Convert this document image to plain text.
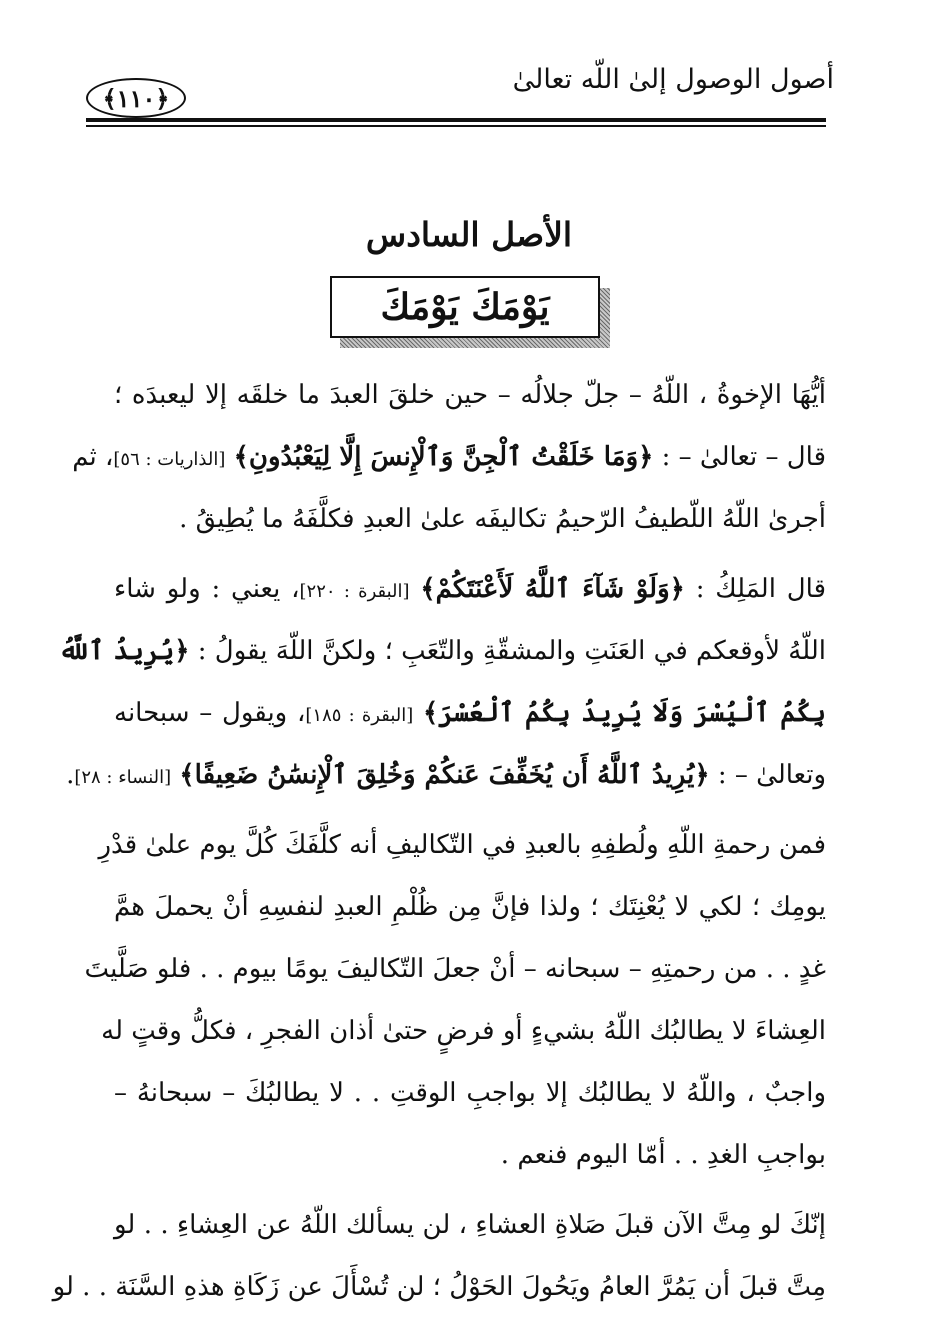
أصول الوصول إلىٰ اللّه تعالىٰ
﴿١١٠﴾
الأصل السادس
يَوْمَكَ يَوْمَكَ
أيُّهَا الإخوةُ ، اللّهُ – جلّ جلالُه – حين خلقَ العبدَ ما خلقَه إلا ليعبدَه ؛
قال – تعالىٰ – : ﴿وَمَا خَلَقْتُ ٱلْجِنَّ وَٱلْإِنسَ إِلَّا لِيَعْبُدُونِ﴾ [الذاريات : ٥٦]، ثم
أجرىٰ اللّهُ اللّطيفُ الرّحيمُ تكاليفَه علىٰ العبدِ فكلَّفَهُ ما يُطِيقُ .
قال المَلِكُ : ﴿وَلَوْ شَآءَ ٱللَّهُ لَأَعْنَتَكُمْ﴾ [البقرة : ٢٢٠]، يعني : ولو شاء
اللّهُ لأوقعكم في العَنَتِ والمشقّةِ والتّعَبِ ؛ ولكنَّ اللّهَ يقولُ : ﴿يُرِيدُ ٱللَّهُ
بِكُمُ ٱلْيُسْرَ وَلَا يُرِيدُ بِكُمُ ٱلْعُسْرَ﴾ [البقرة : ١٨٥]، ويقول – سبحانه
وتعالىٰ – : ﴿يُرِيدُ ٱللَّهُ أَن يُخَفِّفَ عَنكُمْ وَخُلِقَ ٱلْإِنسَٰنُ ضَعِيفًا﴾ [النساء : ٢٨].
فمن رحمةِ اللّهِ ولُطفِهِ بالعبدِ في التّكاليفِ أنه كلَّفَكَ كُلَّ يوم علىٰ قدْرِ
يومِك ؛ لكي لا يُعْنِتَك ؛ ولذا فإنَّ مِن ظُلْمِ العبدِ لنفسِهِ أنْ يحملَ همَّ
غدٍ . . من رحمتِهِ – سبحانه – أنْ جعلَ التّكاليفَ يومًا بيوم . . فلو صَلَّيتَ
العِشاءَ لا يطالبُك اللّهُ بشيءٍ أو فرضٍ حتىٰ أذان الفجرِ ، فكلُّ وقتٍ له
واجبٌ ، واللّهُ لا يطالبُك إلا بواجبِ الوقتِ . . لا يطالبُكَ – سبحانهُ –
بواجبِ الغدِ . . أمّا اليوم فنعم .
إنّكَ لو مِتَّ الآن قبلَ صَلاةِ العشاءِ ، لن يسألك اللّهُ عن العِشاءِ . . لو
مِتَّ قبلَ أن يَمُرَّ العامُ ويَحُولَ الحَوْلُ ؛ لن تُسْأَلَ عن زَكَاةِ هذهِ السَّنَة . . لو
